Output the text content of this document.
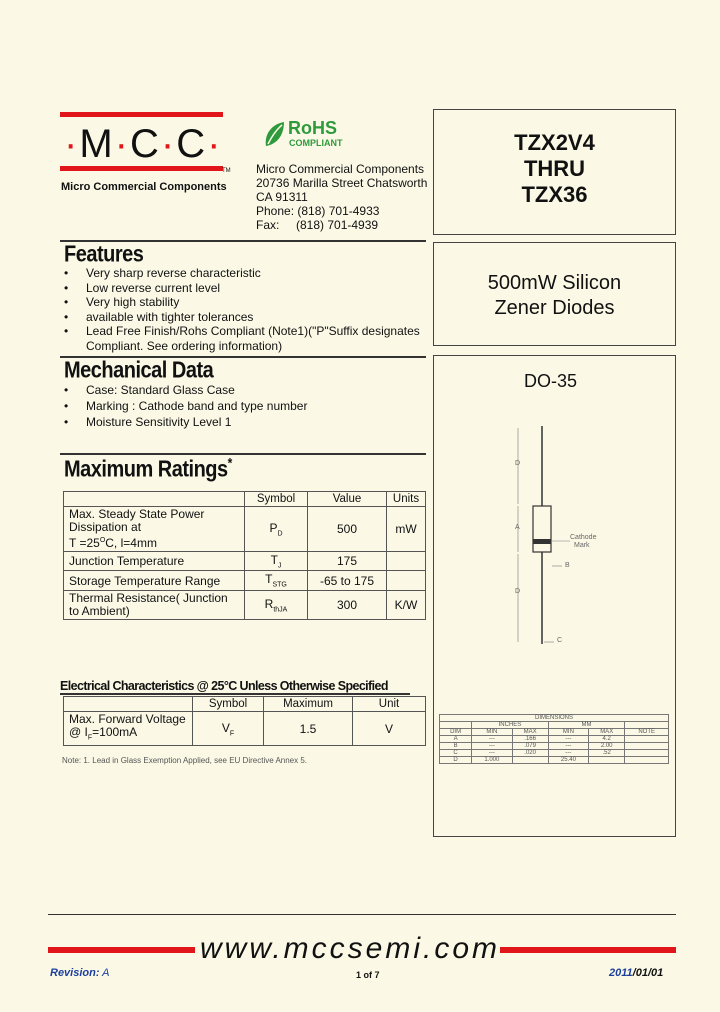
·M·C·C·
TM
Micro Commercial Components
RoHS
COMPLIANT
Micro Commercial Components
20736 Marilla Street Chatsworth
CA 91311
Phone: (818) 701-4933
Fax: (818) 701-4939
TZX2V4
THRU
TZX36
500mW Silicon
Zener Diodes
DO-35
D
A
B
D
C
Cathode
Mark
DIMENSIONS					
	INCHES		MM		
DIM	MIN	MAX	MIN	MAX	NOTE
A	---	.166	---	4.2	
B	---	.079	---	2.00	
C	---	.020	---	.52	
D	1.000		25.40		
Features
• Very sharp reverse characteristic
• Low reverse current level
• Very high stability
• available with tighter tolerances
• Lead Free Finish/Rohs Compliant (Note1)("P"Suffix designates Compliant. See ordering information)
Mechanical Data
• Case: Standard Glass Case
• Marking : Cathode band and type number
• Moisture Sensitivity Level 1
Maximum Ratings*
	Symbol	Value	Units

Max. Steady State Power
Dissipation at
$T =25^OC$, l=4mm	$P_D$	500	mW
Junction Temperature	$T_J$	175	
Storage Temperature Range	$T_{STG}$	-65 to 175	

Thermal Resistance( Junction
to Ambient)	$R_{thJA}$	300	K/W
Electrical Characteristics @ 25°C Unless Otherwise Specified
	Symbol	Maximum	Unit

Max. Forward Voltage
@ $I_F=100mA$	$V_F$	1.5	V
Note: 1. Lead in Glass Exemption Applied, see EU Directive Annex 5.
www.mccsemi.com
Revision: A	1 of 7	2011/01/01
